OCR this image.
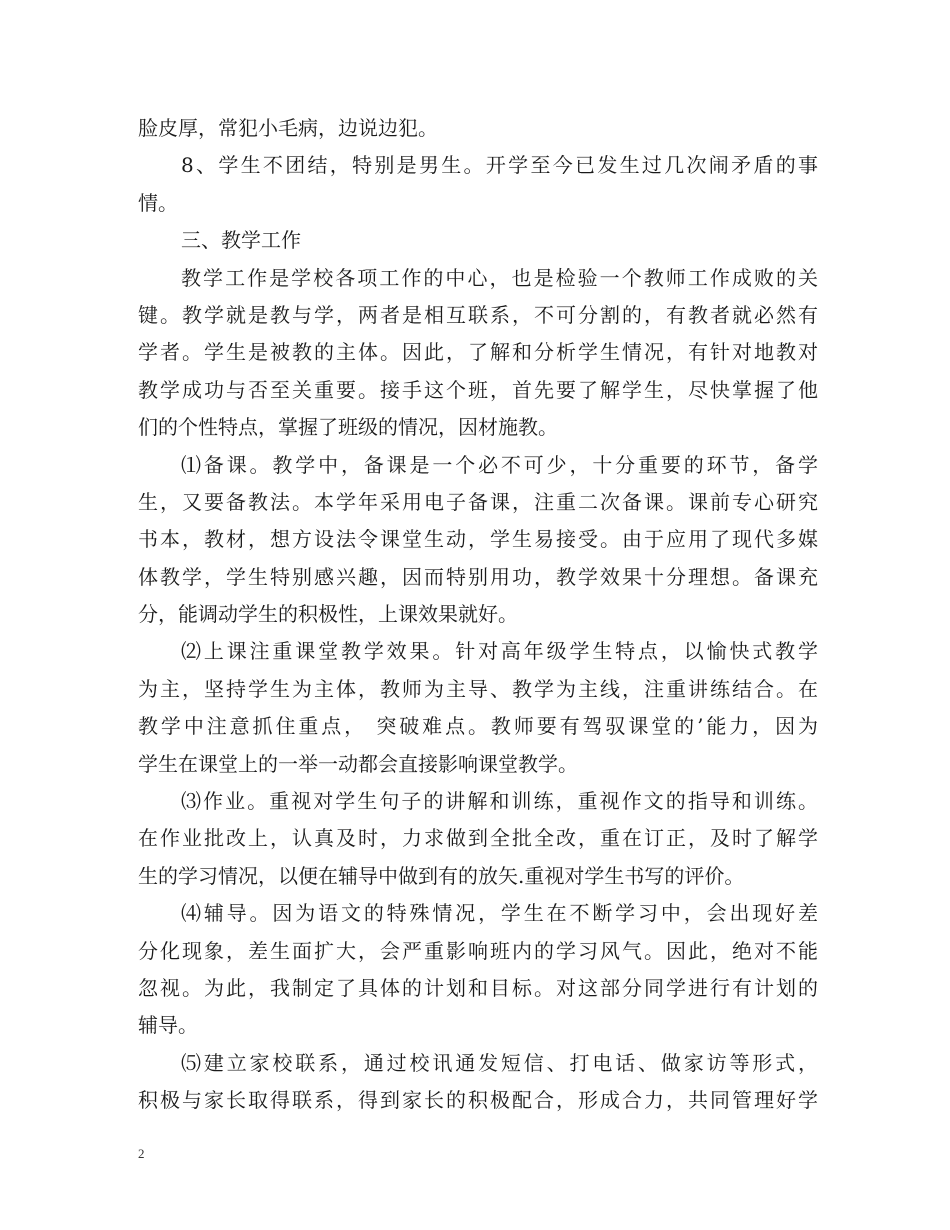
脸皮厚，常犯小毛病，边说边犯。
8、学生不团结，特别是男生。开学至今已发生过几次闹矛盾的事
情。
三、教学工作
教学工作是学校各项工作的中心，也是检验一个教师工作成败的关
键。教学就是教与学，两者是相互联系，不可分割的，有教者就必然有
学者。学生是被教的主体。因此，了解和分析学生情况，有针对地教对
教学成功与否至关重要。接手这个班，首先要了解学生，尽快掌握了他
们的个性特点，掌握了班级的情况，因材施教。
⑴备课。教学中，备课是一个必不可少，十分重要的环节，备学
生，又要备教法。本学年采用电子备课，注重二次备课。课前专心研究
书本，教材，想方设法令课堂生动，学生易接受。由于应用了现代多媒
体教学，学生特别感兴趣，因而特别用功，教学效果十分理想。备课充
分，能调动学生的积极性，上课效果就好。
⑵上课注重课堂教学效果。针对高年级学生特点，以愉快式教学
为主，坚持学生为主体，教师为主导、教学为主线，注重讲练结合。在
教学中注意抓住重点， 突破难点。教师要有驾驭课堂的’能力，因为
学生在课堂上的一举一动都会直接影响课堂教学。
⑶作业。重视对学生句子的讲解和训练，重视作文的指导和训练。
在作业批改上，认真及时，力求做到全批全改，重在订正，及时了解学
生的学习情况，以便在辅导中做到有的放矢.重视对学生书写的评价。
⑷辅导。因为语文的特殊情况，学生在不断学习中，会出现好差
分化现象，差生面扩大，会严重影响班内的学习风气。因此，绝对不能
忽视。为此，我制定了具体的计划和目标。对这部分同学进行有计划的
辅导。
⑸建立家校联系，通过校讯通发短信、打电话、做家访等形式，
积极与家长取得联系，得到家长的积极配合，形成合力，共同管理好学
2
